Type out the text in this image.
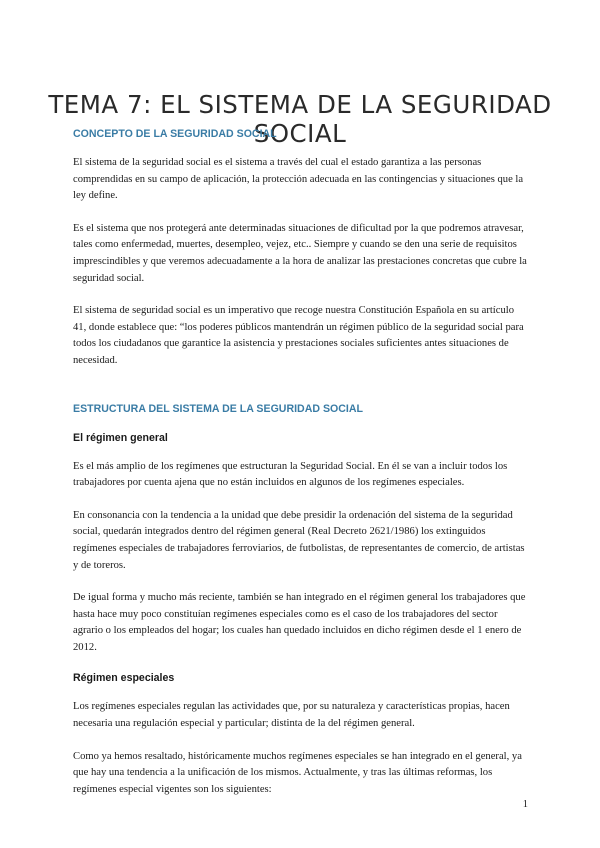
TEMA 7: EL SISTEMA DE LA SEGURIDAD SOCIAL
CONCEPTO DE LA SEGURIDAD SOCIAL

El sistema de la seguridad social es el sistema a través del cual el estado garantiza a las personas comprendidas en su campo de aplicación, la protección adecuada en las contingencias y situaciones que la ley define.

Es el sistema que nos protegerá ante determinadas situaciones de dificultad por la que podremos atravesar, tales como enfermedad, muertes, desempleo, vejez, etc.. Siempre y cuando se den una serie de requisitos imprescindibles y que veremos adecuadamente a la hora de analizar las prestaciones concretas que cubre la seguridad social.

El sistema de seguridad social es un imperativo que recoge nuestra Constitución Española en su artículo 41, donde establece que: “los poderes públicos mantendrán un régimen público de la seguridad social para todos los ciudadanos que garantice la asistencia y prestaciones sociales suficientes antes situaciones de necesidad.

ESTRUCTURA DEL SISTEMA DE LA SEGURIDAD SOCIAL
El régimen general

Es el más amplio de los regímenes que estructuran la Seguridad Social. En él se van a incluir todos los trabajadores por cuenta ajena que no están incluidos en algunos de los regímenes especiales.

En consonancia con la tendencia a la unidad que debe presidir la ordenación del sistema de la seguridad social, quedarán integrados dentro del régimen general (Real Decreto 2621/1986) los extinguidos regímenes especiales de trabajadores ferroviarios, de futbolistas, de representantes de comercio, de artistas y de toreros.

De igual forma y mucho más reciente, también se han integrado en el régimen general los trabajadores que hasta hace muy poco constituían regímenes especiales como es el caso de los trabajadores del sector agrario o los empleados del hogar; los cuales han quedado incluidos en dicho régimen desde el 1 enero de 2012.

Régimen especiales

Los regímenes especiales regulan las actividades que, por su naturaleza y características propias, hacen necesaria una regulación especial y particular; distinta de la del régimen general.

Como ya hemos resaltado, históricamente muchos regímenes especiales se han integrado en el general, ya que hay una tendencia a la unificación de los mismos. Actualmente, y tras las últimas reformas, los regímenes especial vigentes son los siguientes:

1
